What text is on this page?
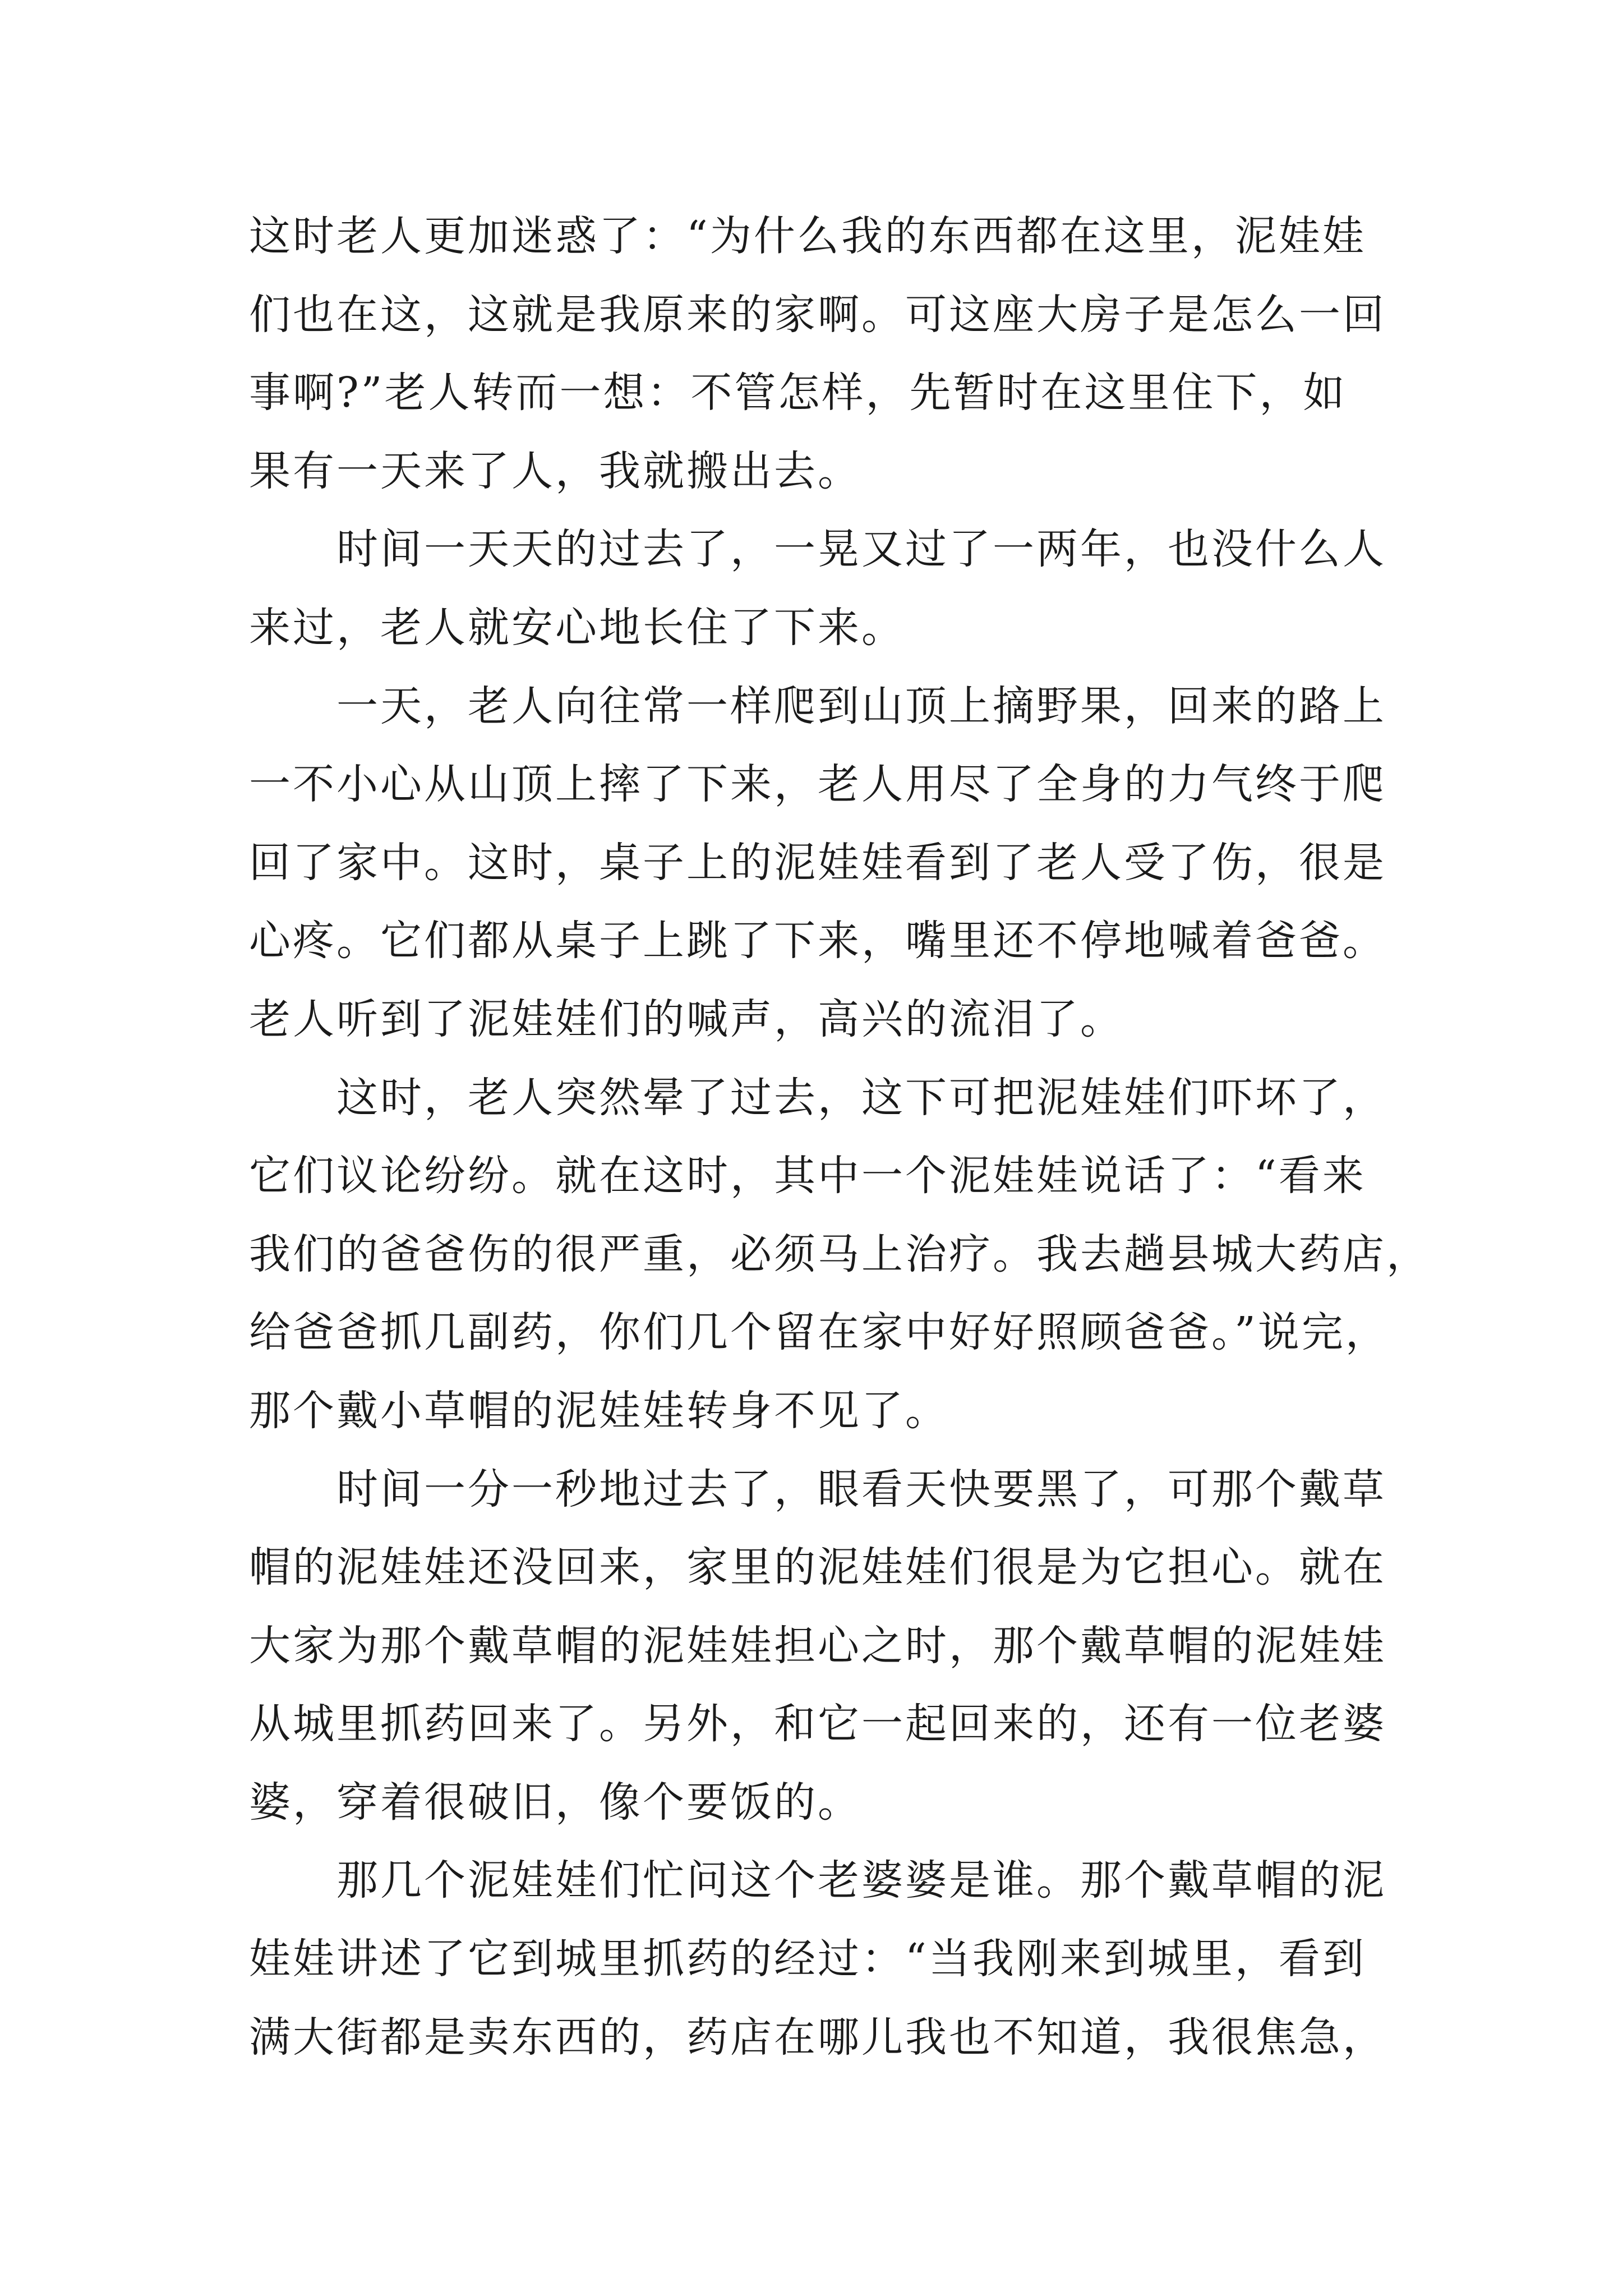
这时老人更加迷惑了：“为什么我的东西都在这里，泥娃娃
们也在这，这就是我原来的家啊。可这座大房子是怎么一回
事啊?”老人转而一想：不管怎样，先暂时在这里住下，如
果有一天来了人，我就搬出去。
时间一天天的过去了，一晃又过了一两年，也没什么人
来过，老人就安心地长住了下来。
一天，老人向往常一样爬到山顶上摘野果，回来的路上
一不小心从山顶上摔了下来，老人用尽了全身的力气终于爬
回了家中。这时，桌子上的泥娃娃看到了老人受了伤，很是
心疼。它们都从桌子上跳了下来，嘴里还不停地喊着爸爸。
老人听到了泥娃娃们的喊声，高兴的流泪了。
这时，老人突然晕了过去，这下可把泥娃娃们吓坏了，
它们议论纷纷。就在这时，其中一个泥娃娃说话了：“看来
我们的爸爸伤的很严重，必须马上治疗。我去趟县城大药店，
给爸爸抓几副药，你们几个留在家中好好照顾爸爸。”说完，
那个戴小草帽的泥娃娃转身不见了。
时间一分一秒地过去了，眼看天快要黑了，可那个戴草
帽的泥娃娃还没回来，家里的泥娃娃们很是为它担心。就在
大家为那个戴草帽的泥娃娃担心之时，那个戴草帽的泥娃娃
从城里抓药回来了。另外，和它一起回来的，还有一位老婆
婆，穿着很破旧，像个要饭的。
那几个泥娃娃们忙问这个老婆婆是谁。那个戴草帽的泥
娃娃讲述了它到城里抓药的经过：“当我刚来到城里，看到
满大街都是卖东西的，药店在哪儿我也不知道，我很焦急，
